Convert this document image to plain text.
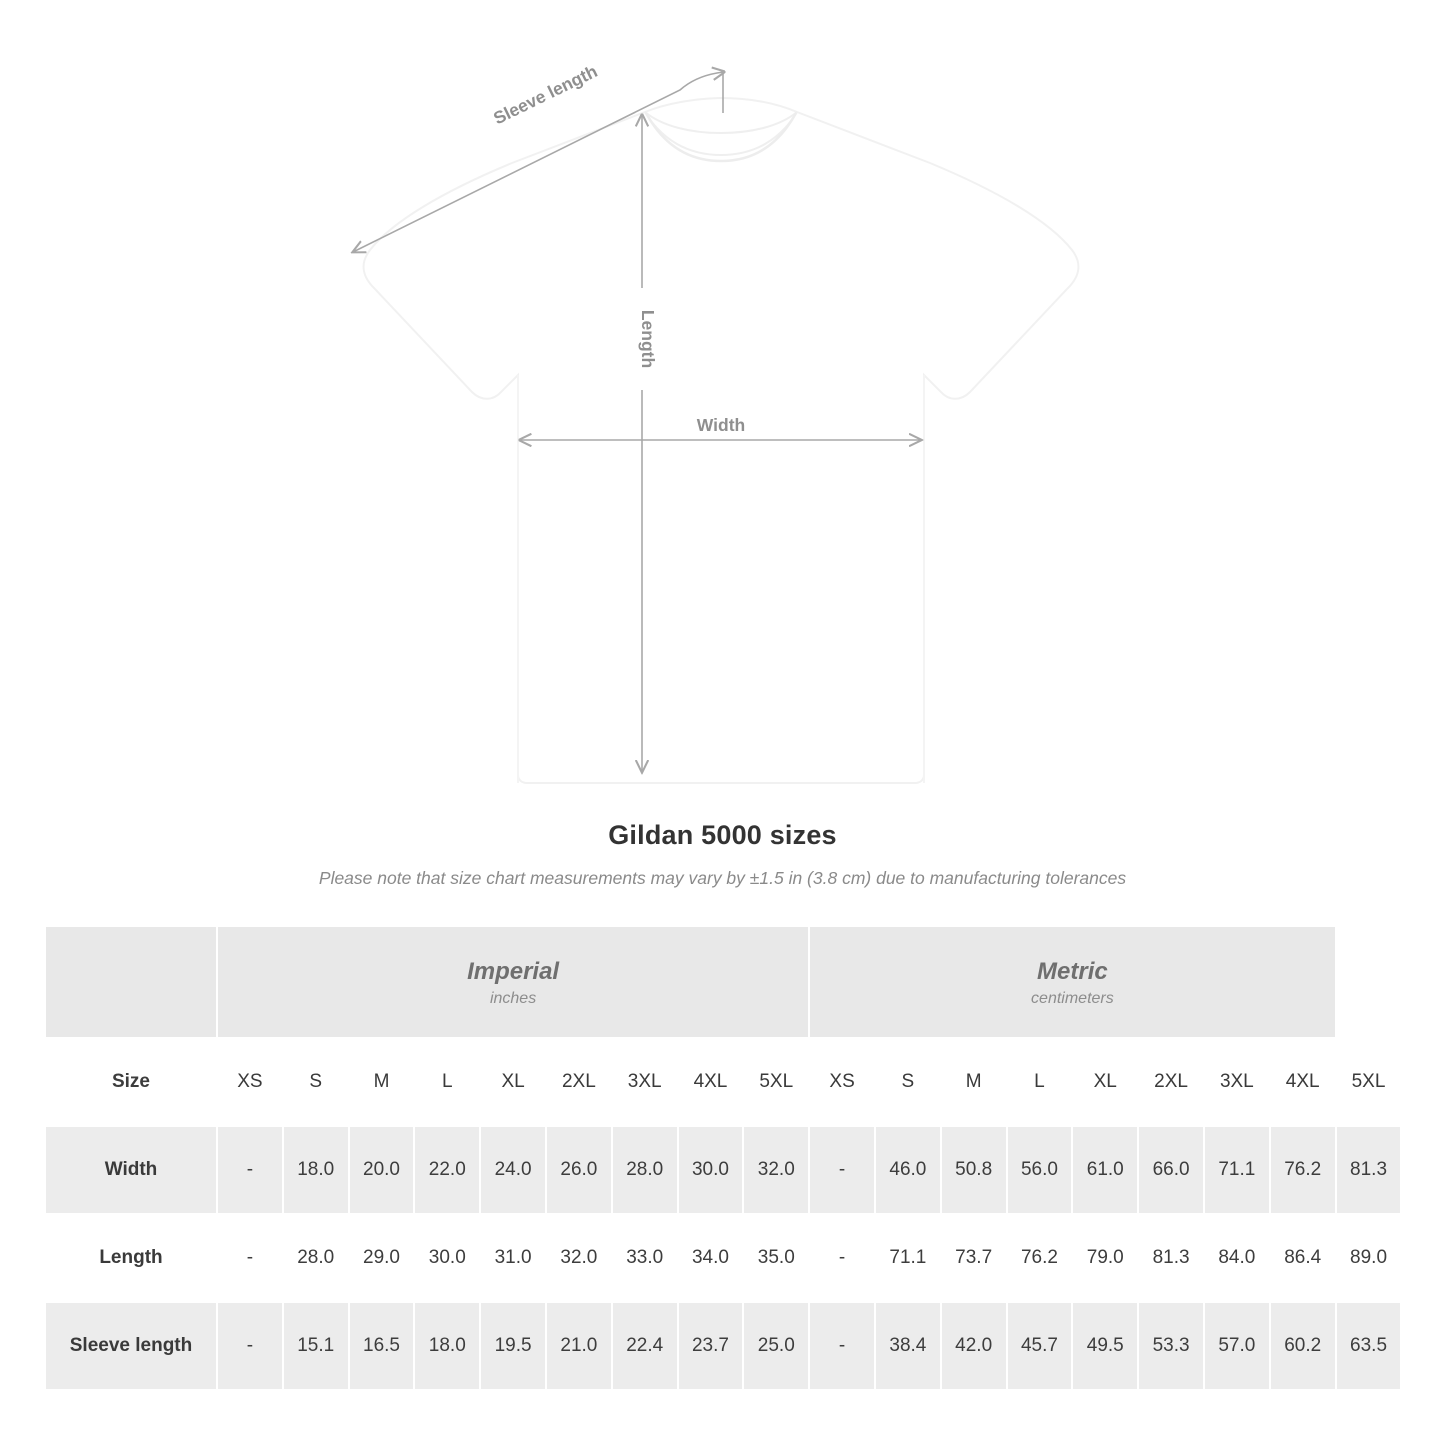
Width
Length
Sleeve length
Gildan 5000 sizes
Please note that size chart measurements may vary by ±1.5 in (3.8 cm) due to manufacturing tolerances

Imperial
inches

Metric
centimeters

Size	XS	S	M	L	XL	2XL	3XL	4XL	5XL	XS	S	M	L	XL	2XL	3XL	4XL	5XL
Width	-	18.0	20.0	22.0	24.0	26.0	28.0	30.0	32.0	-	46.0	50.8	56.0	61.0	66.0	71.1	76.2	81.3
Length	-	28.0	29.0	30.0	31.0	32.0	33.0	34.0	35.0	-	71.1	73.7	76.2	79.0	81.3	84.0	86.4	89.0
Sleeve length	-	15.1	16.5	18.0	19.5	21.0	22.4	23.7	25.0	-	38.4	42.0	45.7	49.5	53.3	57.0	60.2	63.5
